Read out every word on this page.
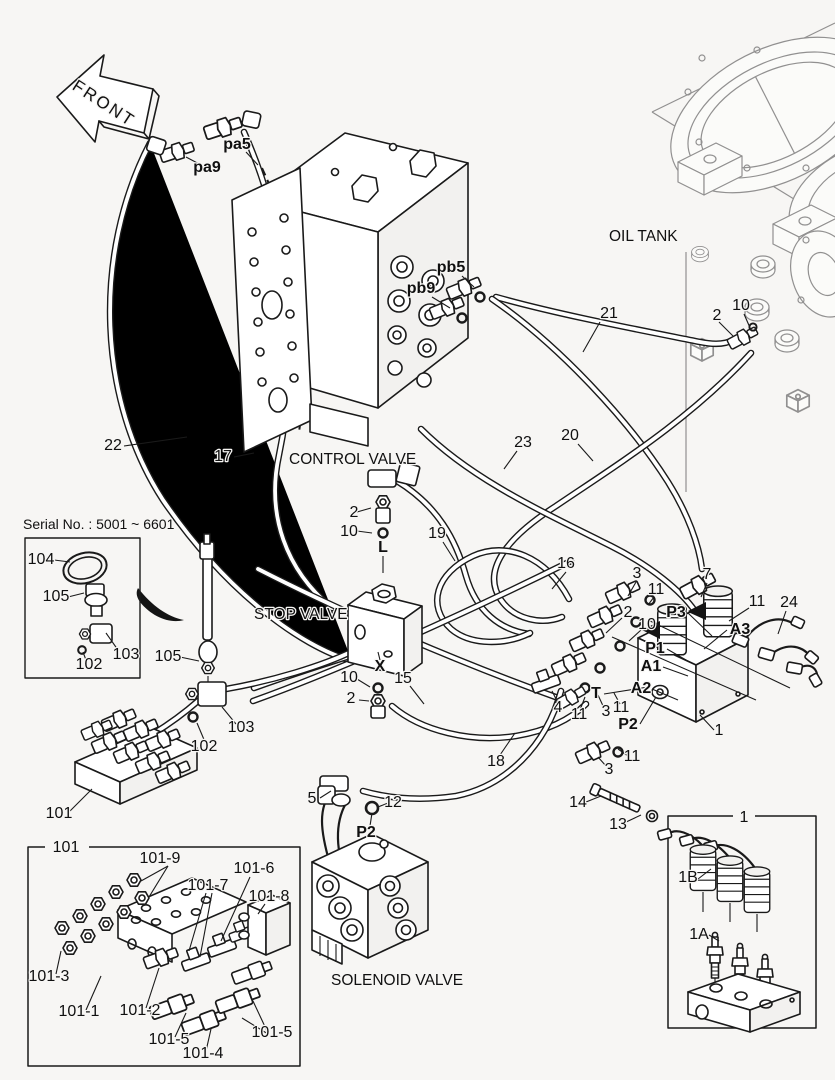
FRONT
pa5
pa9
pb5
pb9
OIL TANK
CONTROL VALVE
STOP VALVE
SOLENOID VALVE
21	2
10
22
17
23 20
2
10
L
19
16
3
11
7
11 24
2
10
P3
A3
P1
A1
A2
T
105
103
102
101
X
10
2
15
4 11 3 11
P2
11
3
18
14
13
5	12
P2
1
Serial No. : 5001 ~ 6601
104
105
103
102
101
101-9
101-6
101-7
101-8
101-3
101-1 101-2
101-5
101-4
101-5
1
1B
1A
